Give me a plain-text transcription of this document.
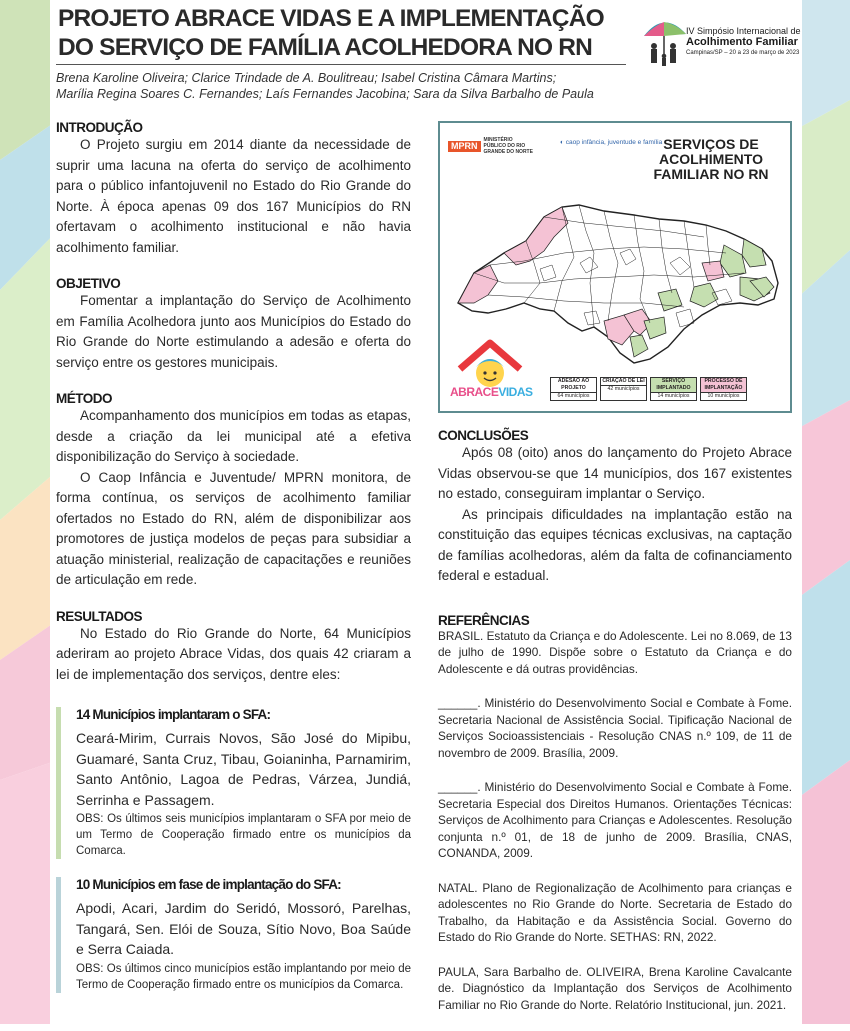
PROJETO ABRACE VIDAS E A IMPLEMENTAÇÃO
DO SERVIÇO DE FAMÍLIA ACOLHEDORA NO RN
IV Simpósio Internacional de
Acolhimento Familiar
Campinas/SP – 20 a 23 de março de 2023
Brena Karoline Oliveira; Clarice Trindade de A. Boulitreau; Isabel Cristina Câmara Martins;
Marília Regina Soares C. Fernandes; Laís Fernandes Jacobina; Sara da Silva Barbalho de Paula
INTRODUÇÃO

O Projeto surgiu em 2014 diante da necessidade de suprir uma lacuna na oferta do serviço de acolhimento para o público infantojuvenil no Estado do Rio Grande do Norte. À época apenas 09 dos 167 Municípios do RN ofertavam o acolhimento institucional e não havia acolhimento familiar.

OBJETIVO

Fomentar a implantação do Serviço de Acolhimento em Família Acolhedora junto aos Municípios do Estado do Rio Grande do Norte estimulando a adesão e oferta do serviço entre os gestores municipais.

MÉTODO

Acompanhamento dos municípios em todas as etapas, desde a criação da lei municipal até a efetiva disponibilização do Serviço à sociedade.

O Caop Infância e Juventude/ MPRN monitora, de forma contínua, os serviços de acolhimento familiar ofertados no Estado do RN, além de disponibilizar aos promotores de justiça modelos de peças para subsidiar a atuação ministerial, realização de capacitações e reuniões de articulação em rede.

RESULTADOS

No Estado do Rio Grande do Norte, 64 Municípios aderiram ao projeto Abrace Vidas, dos quais 42 criaram a lei de implementação dos serviços, dentre eles:

14 Municípios implantaram o SFA:

Ceará-Mirim, Currais Novos, São José do Mipibu, Guamaré, Santa Cruz, Tibau, Goianinha, Parnamirim, Santo Antônio, Lagoa de Pedras, Várzea, Jundiá, Serrinha e Passagem.

OBS: Os últimos seis municípios implantaram o SFA por meio de um Termo de Cooperação firmado entre os municípios da Comarca.

10 Municípios em fase de implantação do SFA:

Apodi, Acari, Jardim do Seridó, Mossoró, Parelhas, Tangará, Sen. Elói de Souza, Sítio Novo, Boa Saúde e Serra Caiada.

OBS: Os últimos cinco municípios estão implantando por meio de Termo de Cooperação firmado entre os municípios da Comarca.

MPRNMINISTÉRIO PÚBLICO DO RIO GRANDE DO NORTE
◐ caop infância, juventude e família SERVIÇOS DE ACOLHIMENTO FAMILIAR NO RN
ABRACEVIDAS
ADESÃO AO PROJETO
64 municípios
CRIAÇÃO DE LEI
42 municípios
SERVIÇO IMPLANTADO
14 municípios
PROCESSO DE IMPLANTAÇÃO
10 municípios
CONCLUSÕES

Após 08 (oito) anos do lançamento do Projeto Abrace Vidas observou-se que 14 municípios, dos 167 existentes no estado, conseguiram implantar o Serviço.

As principais dificuldades na implantação estão na constituição das equipes técnicas exclusivas, na captação de famílias acolhedoras, além da falta de cofinanciamento federal e estadual.

REFERÊNCIAS

BRASIL. Estatuto da Criança e do Adolescente. Lei no 8.069, de 13 de julho de 1990. Dispõe sobre o Estatuto da Criança e do Adolescente e dá outras providências.

______. Ministério do Desenvolvimento Social e Combate à Fome. Secretaria Nacional de Assistência Social. Tipificação Nacional de Serviços Socioassistenciais - Resolução CNAS n.º 109, de 11 de novembro de 2009. Brasília, 2009.

______. Ministério do Desenvolvimento Social e Combate à Fome. Secretaria Especial dos Direitos Humanos. Orientações Técnicas: Serviços de Acolhimento para Crianças e Adolescentes. Resolução conjunta n.º 01, de 18 de junho de 2009. Brasília, CNAS, CONANDA, 2009.

NATAL. Plano de Regionalização de Acolhimento para crianças e adolescentes no Rio Grande do Norte. Secretaria de Estado do Trabalho, da Habitação e da Assistência Social. Governo do Estado do Rio Grande do Norte. SETHAS: RN, 2022.

PAULA, Sara Barbalho de. OLIVEIRA, Brena Karoline Cavalcante de. Diagnóstico da Implantação dos Serviços de Acolhimento Familiar no Rio Grande do Norte. Relatório Institucional, jun. 2021.
